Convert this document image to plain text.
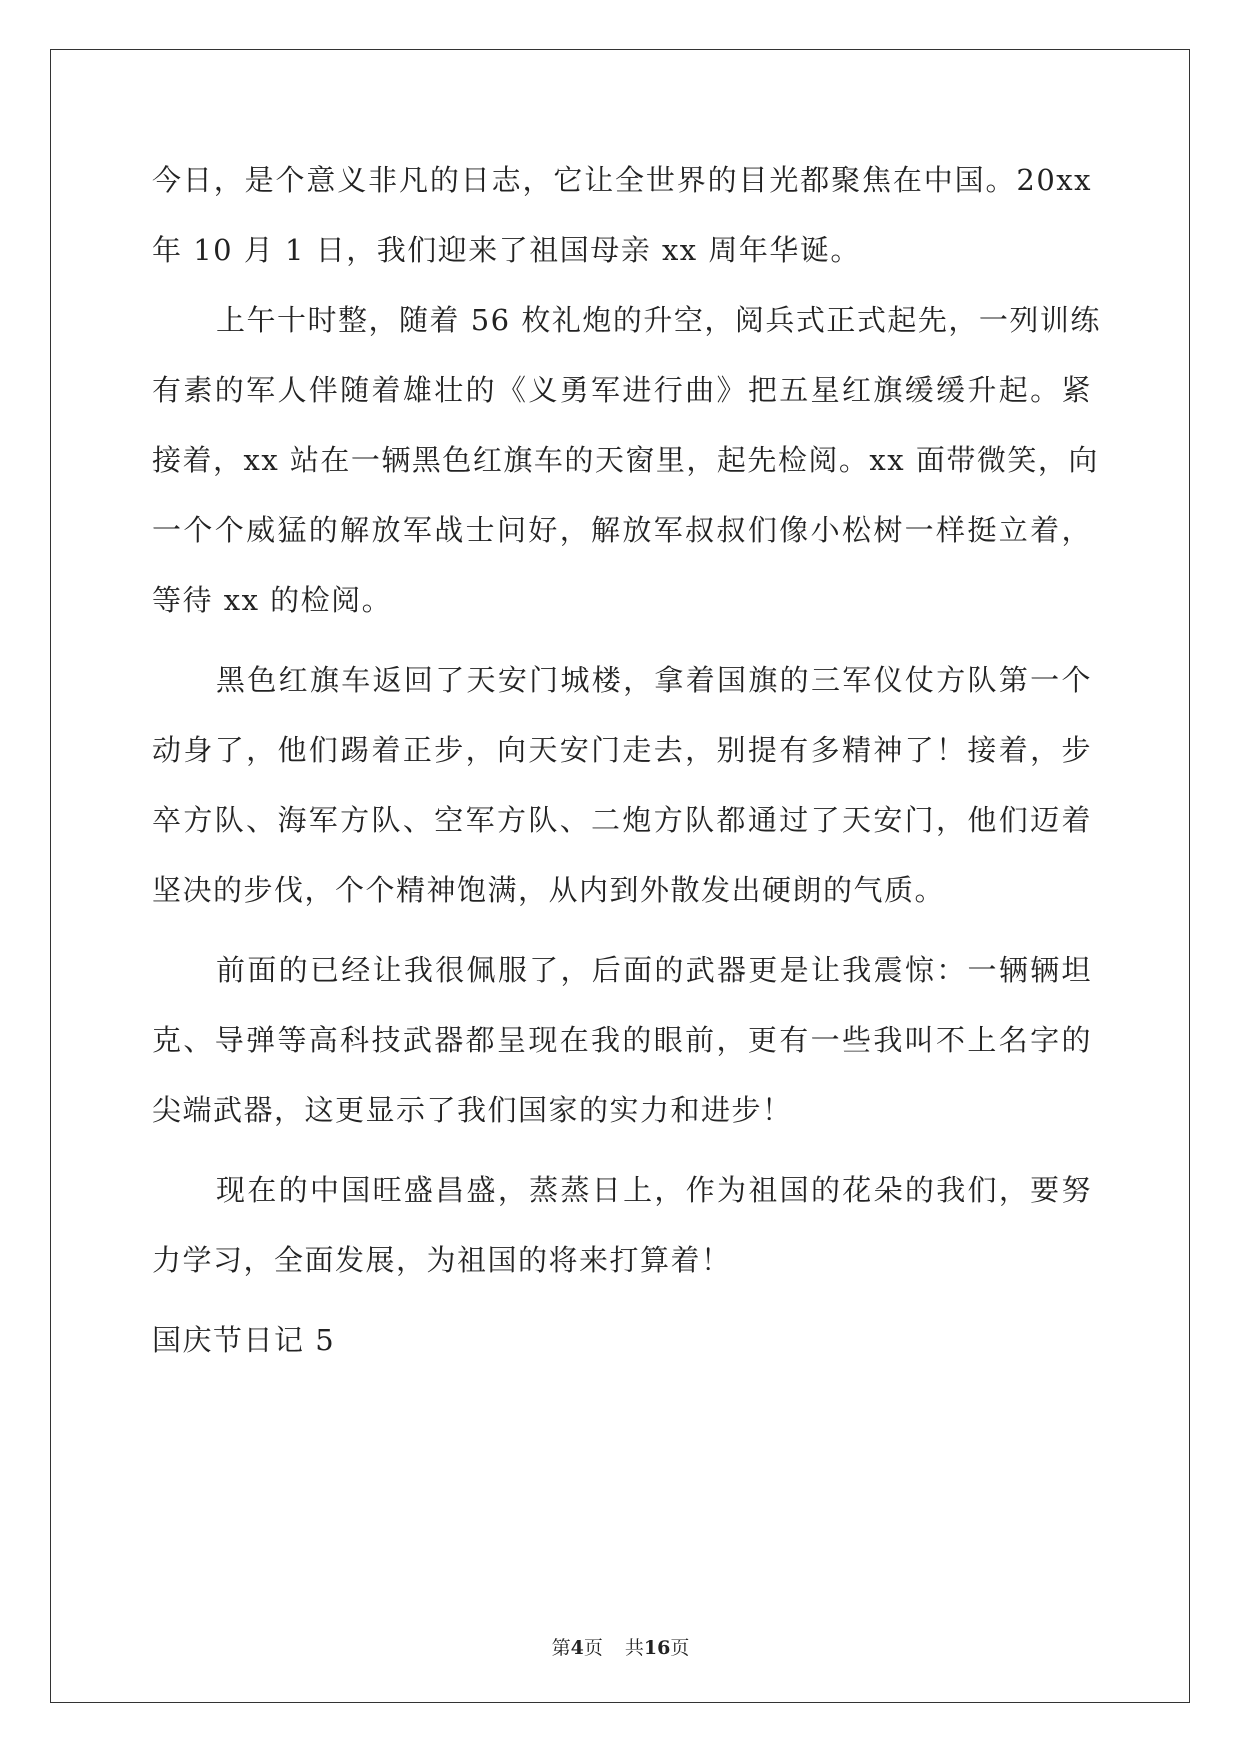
今日，是个意义非凡的日志，它让全世界的目光都聚焦在中国。20xx
年 10 月 1 日，我们迎来了祖国母亲 xx 周年华诞。
上午十时整，随着 56 枚礼炮的升空，阅兵式正式起先，一列训练
有素的军人伴随着雄壮的《义勇军进行曲》把五星红旗缓缓升起。紧
接着，xx 站在一辆黑色红旗车的天窗里，起先检阅。xx 面带微笑，向
一个个威猛的解放军战士问好，解放军叔叔们像小松树一样挺立着，
等待 xx 的检阅。
黑色红旗车返回了天安门城楼，拿着国旗的三军仪仗方队第一个
动身了，他们踢着正步，向天安门走去，别提有多精神了！接着，步
卒方队、海军方队、空军方队、二炮方队都通过了天安门，他们迈着
坚决的步伐，个个精神饱满，从内到外散发出硬朗的气质。
前面的已经让我很佩服了，后面的武器更是让我震惊：一辆辆坦
克、导弹等高科技武器都呈现在我的眼前，更有一些我叫不上名字的
尖端武器，这更显示了我们国家的实力和进步！
现在的中国旺盛昌盛，蒸蒸日上，作为祖国的花朵的我们，要努
力学习，全面发展，为祖国的将来打算着！
国庆节日记 5
第4页 共16页
